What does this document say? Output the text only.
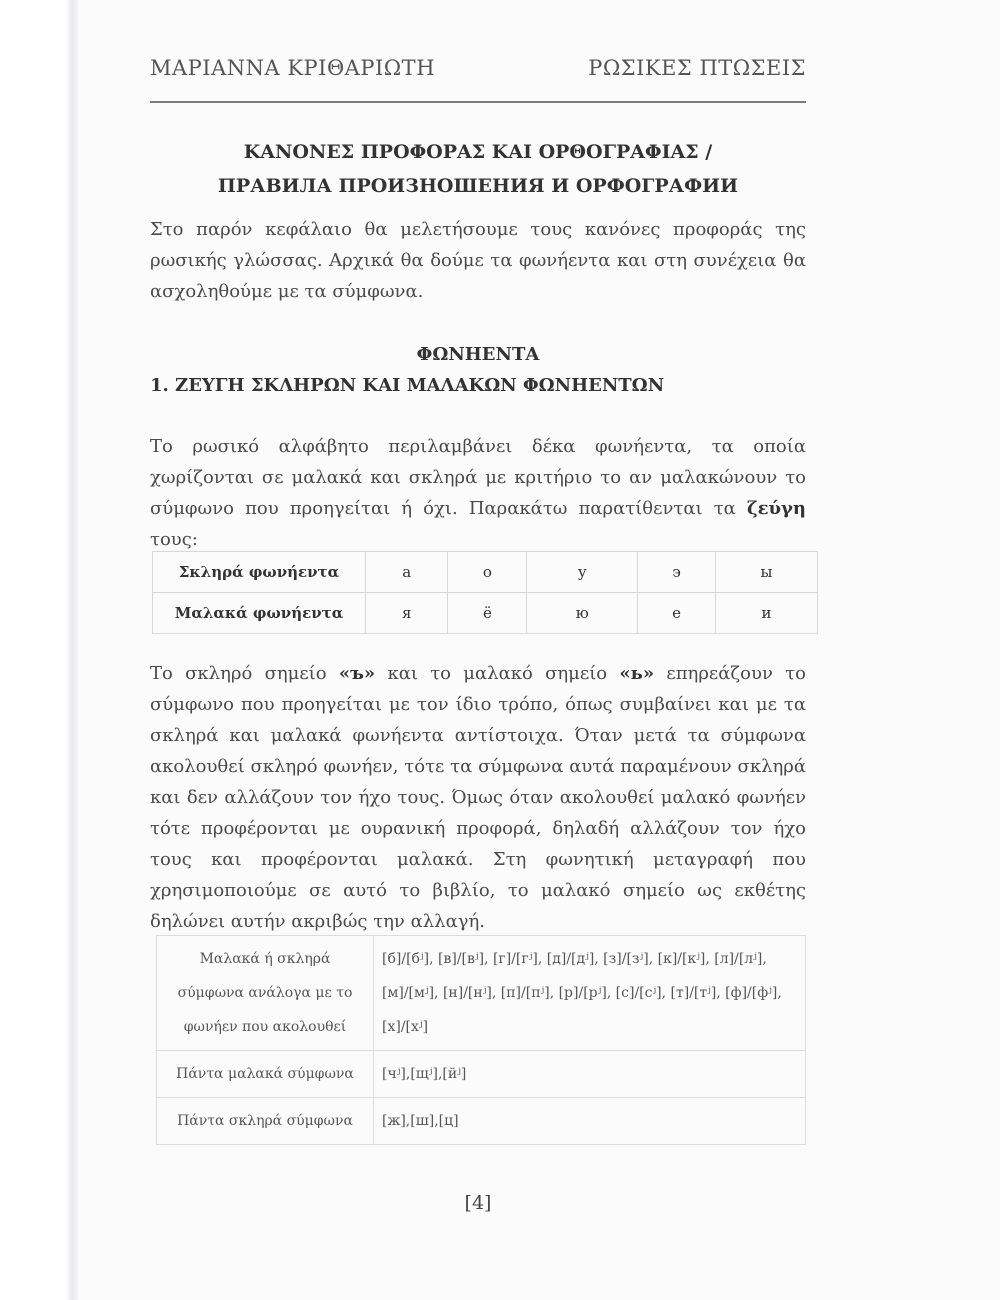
ΜΑΡΙΑΝΝΑ ΚΡΙΘΑΡΙΩΤΗ	ΡΩΣΙΚΕΣ ΠΤΩΣΕΙΣ
ΚΑΝΟΝΕΣ ΠΡΟΦΟΡΑΣ ΚΑΙ ΟΡΘΟΓΡΑΦΙΑΣ /
ПРАВИЛА ПРОИЗНОШЕНИЯ И ОРФОГРАФИИ
Στο παρόν κεφάλαιο θα μελετήσουμε τους κανόνες προφοράς της ρωσικής γλώσσας. Αρχικά θα δούμε τα φωνήεντα και στη συνέχεια θα ασχοληθούμε με τα σύμφωνα.
ΦΩΝΗΕΝΤΑ
1. ΖΕΥΓΗ ΣΚΛΗΡΩΝ ΚΑΙ ΜΑΛΑΚΩΝ ΦΩΝΗΕΝΤΩΝ
Το ρωσικό αλφάβητο περιλαμβάνει δέκα φωνήεντα, τα οποία χωρίζονται σε μαλακά και σκληρά με κριτήριο το αν μαλακώνουν το σύμφωνο που προηγείται ή όχι. Παρακάτω παρατίθενται τα ζεύγη τους:
Σκληρά φωνήεντα	а	о	у	э	ы
Μαλακά φωνήεντα	я	ё	ю	е	и
Το σκληρό σημείο «ъ» και το μαλακό σημείο «ь» επηρεάζουν το σύμφωνο που προηγείται με τον ίδιο τρόπο, όπως συμβαίνει και με τα σκληρά και μαλακά φωνήεντα αντίστοιχα. Όταν μετά τα σύμφωνα ακολουθεί σκληρό φωνήεν, τότε τα σύμφωνα αυτά παραμένουν σκληρά και δεν αλλάζουν τον ήχο τους. Όμως όταν ακολουθεί μαλακό φωνήεν τότε προφέρονται με ουρανική προφορά, δηλαδή αλλάζουν τον ήχο τους και προφέρονται μαλακά. Στη φωνητική μεταγραφή που χρησιμοποιούμε σε αυτό το βιβλίο, το μαλακό σημείο ως εκθέτης δηλώνει αυτήν ακριβώς την αλλαγή.
Μαλακά ή σκληρά σύμφωνα ανάλογα με το φωνήεν που ακολουθεί	[б]/[бʲ], [в]/[вʲ], [г]/[гʲ], [д]/[дʲ], [з]/[зʲ], [к]/[кʲ], [л]/[лʲ], [м]/[мʲ], [н]/[нʲ], [п]/[пʲ], [р]/[рʲ], [с]/[сʲ], [т]/[тʲ], [ф]/[фʲ], [х]/[хʲ]
Πάντα μαλακά σύμφωνα	[чʲ],[щʲ],[йʲ]
Πάντα σκληρά σύμφωνα	[ж],[ш],[ц]
[4]
